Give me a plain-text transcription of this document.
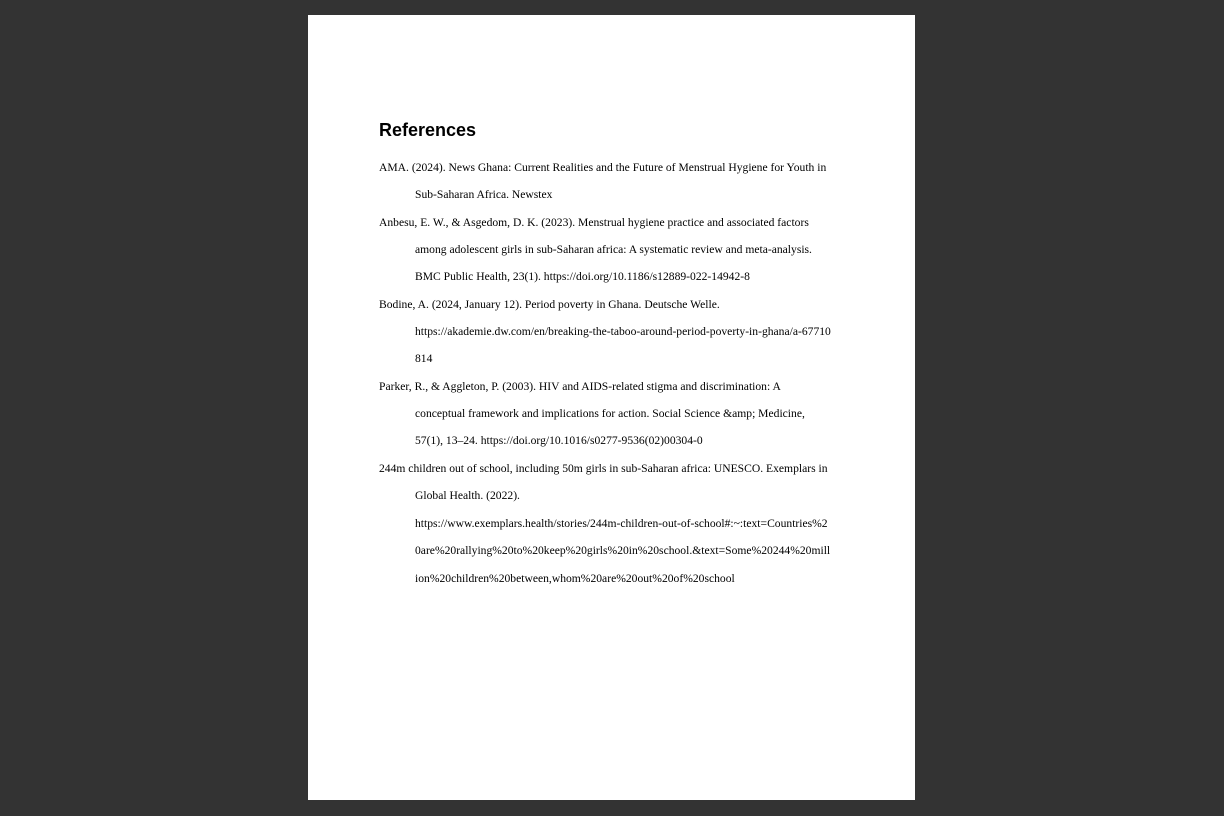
References

AMA. (2024). News Ghana: Current Realities and the Future of Menstrual Hygiene for Youth in

Sub-Saharan Africa. Newstex

Anbesu, E. W., & Asgedom, D. K. (2023). Menstrual hygiene practice and associated factors

among adolescent girls in sub-Saharan africa: A systematic review and meta-analysis.

BMC Public Health, 23(1). https://doi.org/10.1186/s12889-022-14942-8

Bodine, A. (2024, January 12). Period poverty in Ghana. Deutsche Welle.

https://akademie.dw.com/en/breaking-the-taboo-around-period-poverty-in-ghana/a-67710

814

Parker, R., & Aggleton, P. (2003). HIV and AIDS-related stigma and discrimination: A

conceptual framework and implications for action. Social Science &amp; Medicine,

57(1), 13–24. https://doi.org/10.1016/s0277-9536(02)00304-0

244m children out of school, including 50m girls in sub-Saharan africa: UNESCO. Exemplars in

Global Health. (2022).

https://www.exemplars.health/stories/244m-children-out-of-school#:~:text=Countries%2

0are%20rallying%20to%20keep%20girls%20in%20school.&text=Some%20244%20mill

ion%20children%20between,whom%20are%20out%20of%20school
